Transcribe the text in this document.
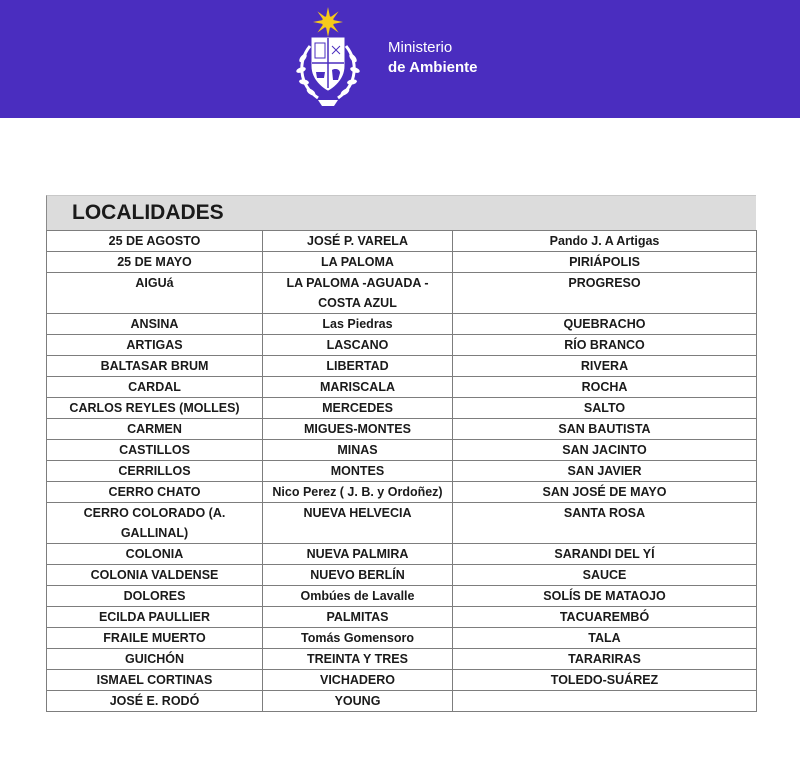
Ministerio
de Ambiente
LOCALIDADES
25 DE AGOSTO	JOSÉ P. VARELA	Pando J. A Artigas
25 DE MAYO	LA PALOMA	PIRIÁPOLIS
AIGUá	LA PALOMA -AGUADA - COSTA AZUL	PROGRESO
ANSINA	Las Piedras	QUEBRACHO
ARTIGAS	LASCANO	RÍO BRANCO
BALTASAR BRUM	LIBERTAD	RIVERA
CARDAL	MARISCALA	ROCHA
CARLOS REYLES (MOLLES)	MERCEDES	SALTO
CARMEN	MIGUES-MONTES	SAN BAUTISTA
CASTILLOS	MINAS	SAN JACINTO
CERRILLOS	MONTES	SAN JAVIER
CERRO CHATO	Nico Perez ( J. B. y Ordoñez)	SAN JOSÉ DE MAYO
CERRO COLORADO (A. GALLINAL)	NUEVA HELVECIA	SANTA ROSA
COLONIA	NUEVA PALMIRA	SARANDI DEL YÍ
COLONIA VALDENSE	NUEVO BERLÍN	SAUCE
DOLORES	Ombúes de Lavalle	SOLÍS DE MATAOJO
ECILDA PAULLIER	PALMITAS	TACUAREMBÓ
FRAILE MUERTO	Tomás Gomensoro	TALA
GUICHÓN	TREINTA Y TRES	TARARIRAS
ISMAEL CORTINAS	VICHADERO	TOLEDO-SUÁREZ
JOSÉ E. RODÓ	YOUNG	
